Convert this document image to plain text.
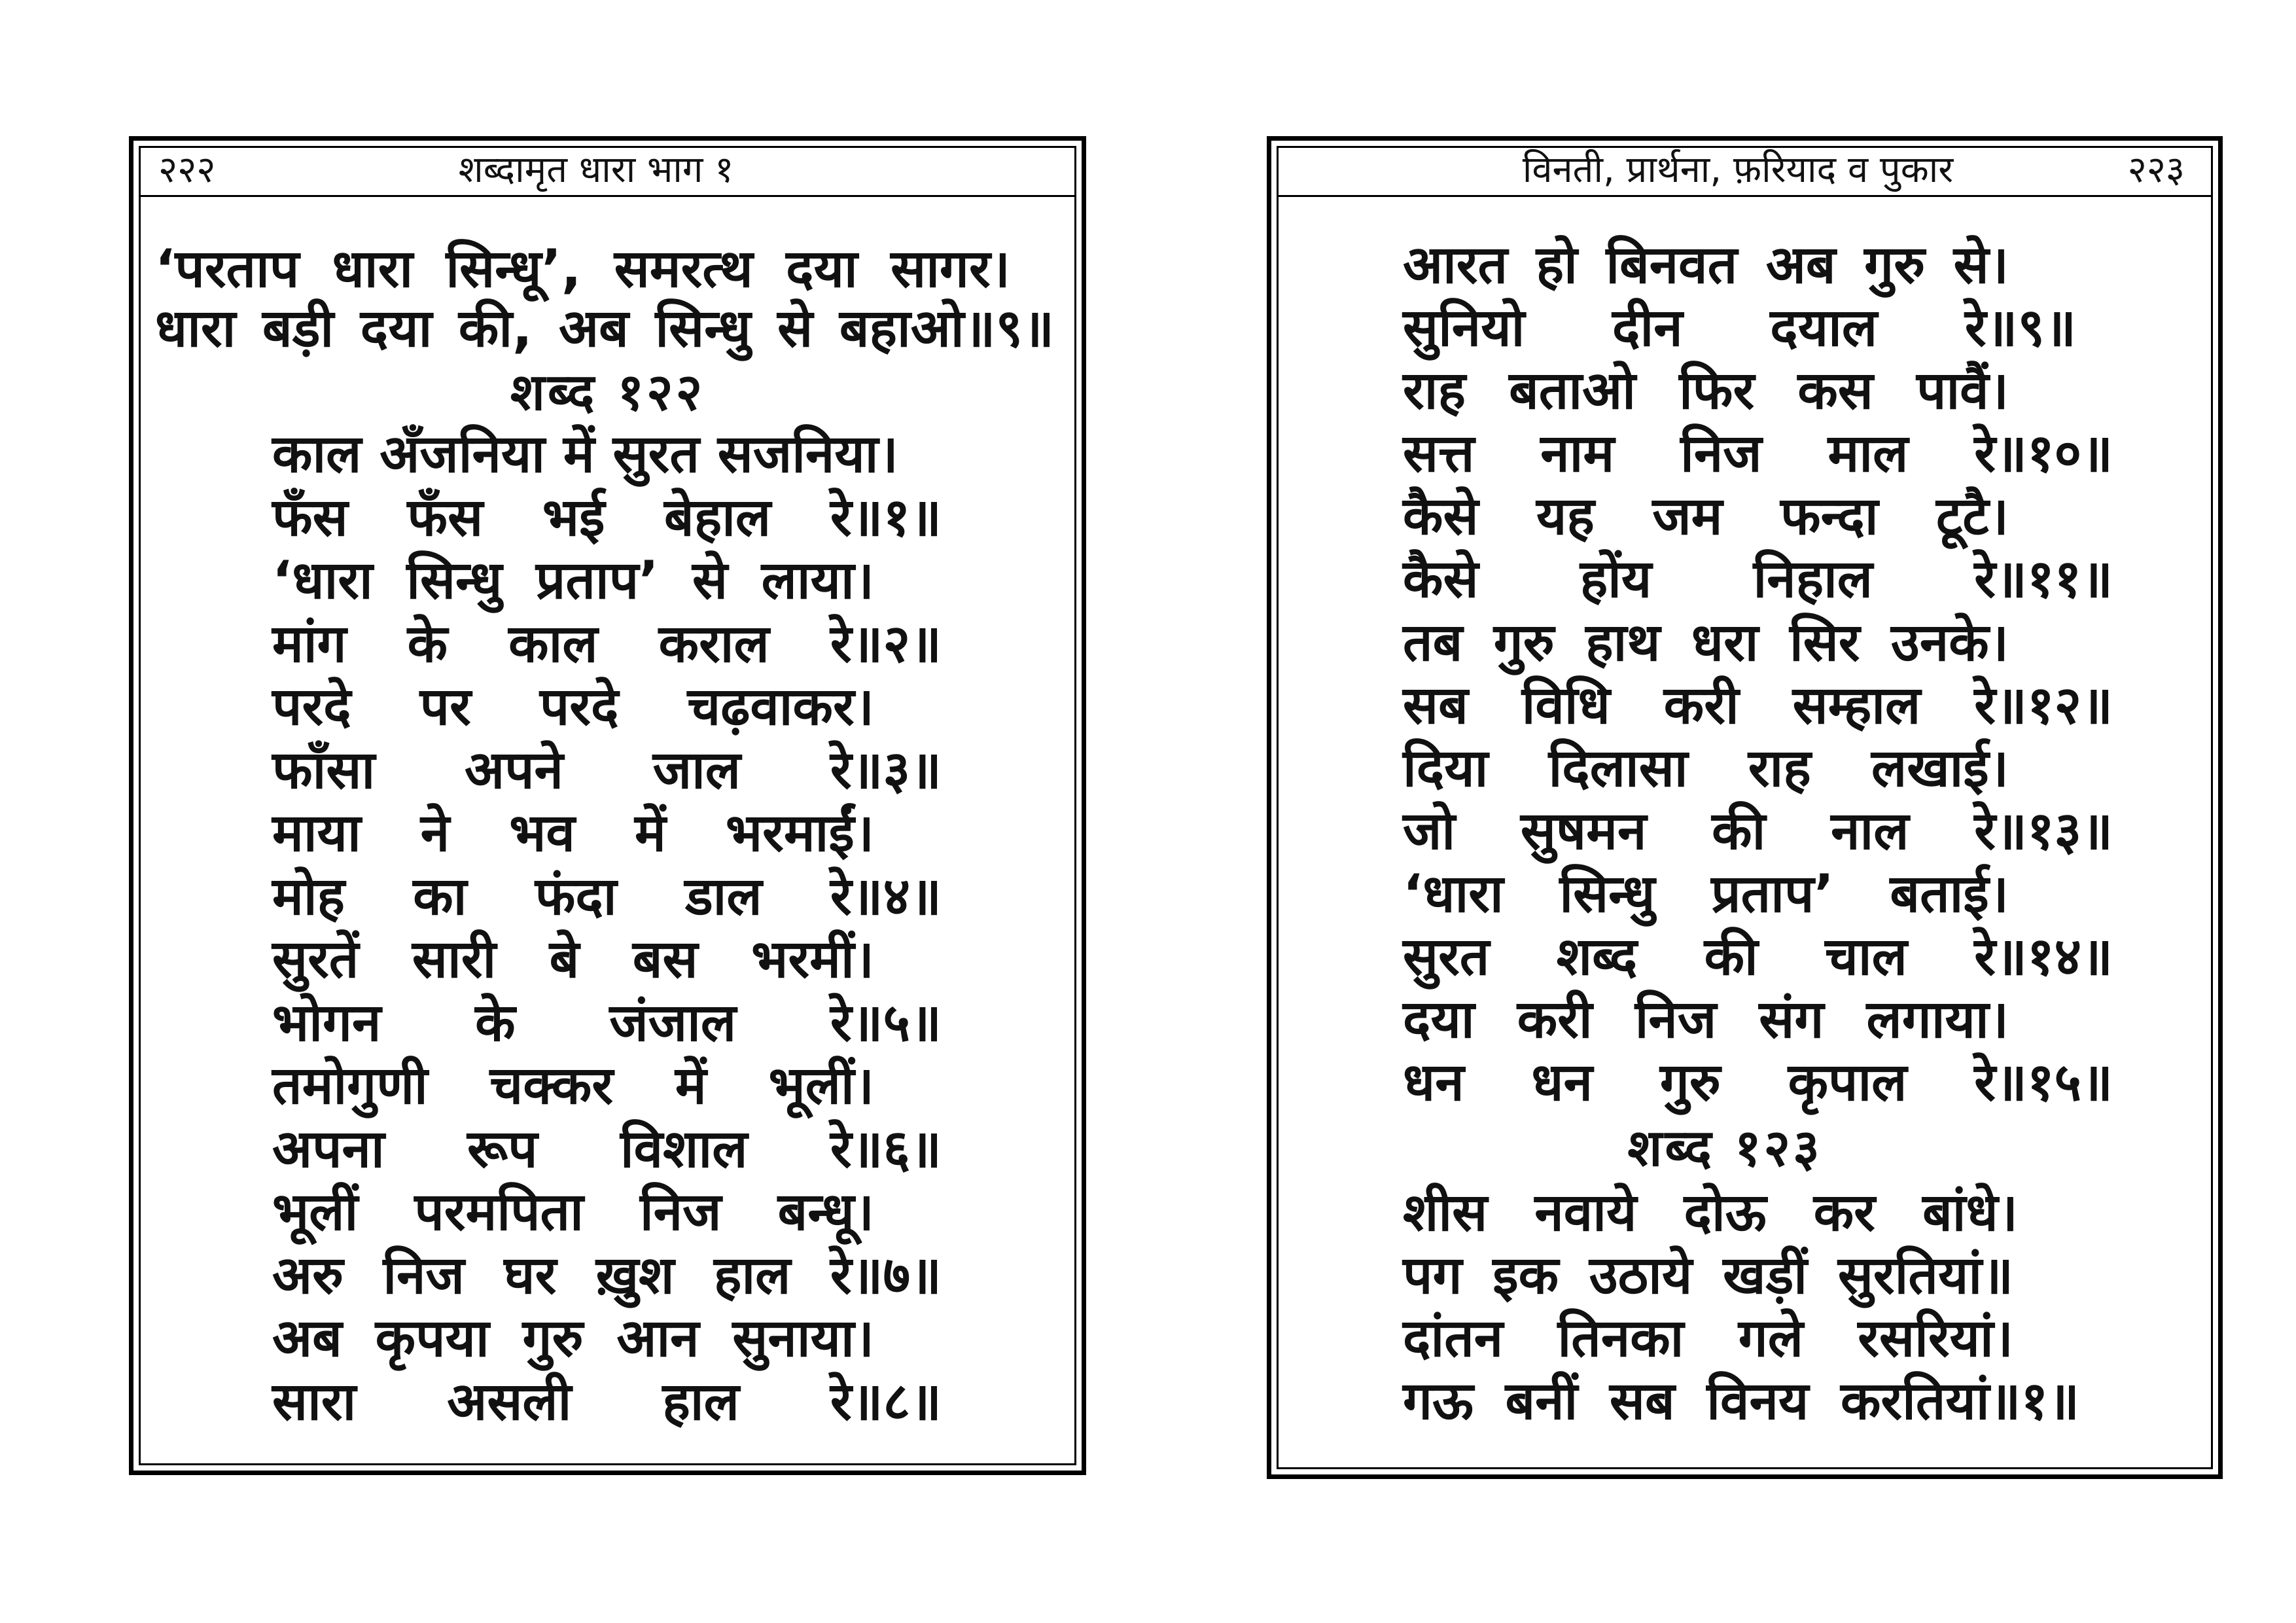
२२२	शब्दामृत धारा भाग १
‘परताप धारा सिन्धू’, समरत्थ दया सागर।
धारा बड़ी दया की, अब सिन्धु से बहाओ॥९॥
शब्द १२२
काल अँजनिया में सुरत सजनिया।
फँस फँस भई बेहाल रे॥१॥
‘धारा सिन्धु प्रताप’ से लाया।
मांग के काल कराल रे॥२॥
परदे पर परदे चढ़वाकर।
फाँसा अपने जाल रे॥३॥
माया ने भव में भरमाईं।
मोह का फंदा डाल रे॥४॥
सुरतें सारी बे बस भरमीं।
भोगन के जंजाल रे॥५॥
तमोगुणी चक्कर में भूलीं।
अपना रूप विशाल रे॥६॥
भूलीं परमपिता निज बन्धू।
अरु निज घर ख़ुश हाल रे॥७॥
अब कृपया गुरु आन सुनाया।
सारा असली हाल रे॥८॥
विनती, प्रार्थना, फ़रियाद व पुकार	२२३
आरत हो बिनवत अब गुरु से।
सुनियो दीन दयाल रे॥९॥
राह बताओ फिर कस पावैं।
सत्त नाम निज माल रे॥१०॥
कैसे यह जम फन्दा टूटै।
कैसे होंय निहाल रे॥११॥
तब गुरु हाथ धरा सिर उनके।
सब विधि करी सम्हाल रे॥१२॥
दिया दिलासा राह लखाई।
जो सुषमन की नाल रे॥१३॥
‘धारा सिन्धु प्रताप’ बताई।
सुरत शब्द की चाल रे॥१४॥
दया करी निज संग लगाया।
धन धन गुरु कृपाल रे॥१५॥
शब्द १२३
शीस नवाये दोऊ कर बांधे।
पग इक उठाये खड़ीं सुरतियां॥
दांतन तिनका गले रसरियां।
गऊ बनीं सब विनय करतियां॥१॥
